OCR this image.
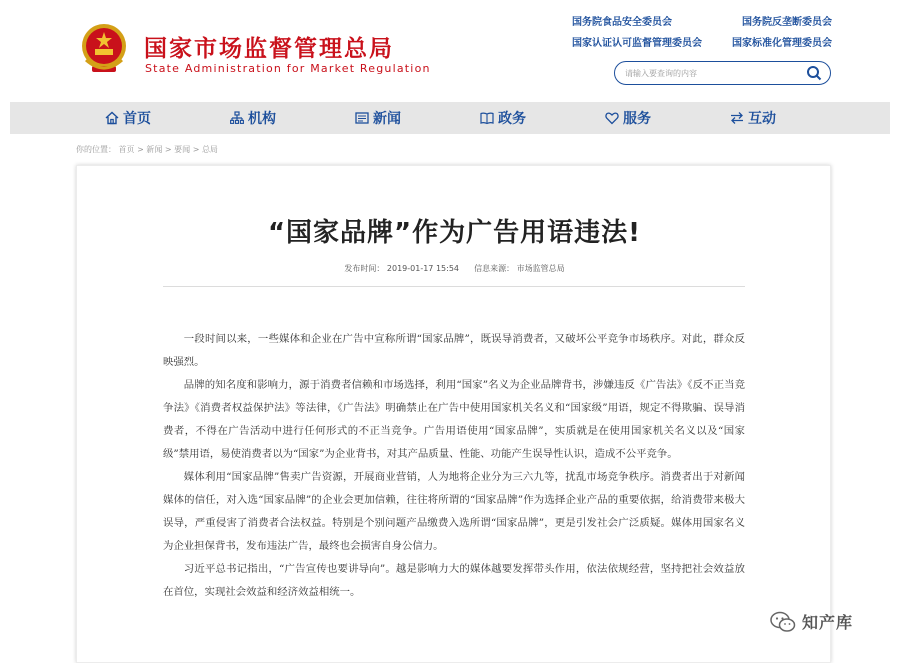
国家市场监督管理总局
State Administration for Market Regulation
国务院食品安全委员会	国务院反垄断委员会
国家认证认可监督管理委员会	国家标准化管理委员会
请输入要查询的内容
首页	机构	新闻	政务	服务	互动
你的位置： 首页 > 新闻 > 要闻 > 总局
“国家品牌”作为广告用语违法!
发布时间： 2019-01-17 15:54 信息来源： 市场监管总局

一段时间以来，一些媒体和企业在广告中宣称所谓“国家品牌”，既误导消费者，又破坏公平竞争市场秩序。对此，群众反映强烈。

品牌的知名度和影响力，源于消费者信赖和市场选择，利用“国家”名义为企业品牌背书，涉嫌违反《广告法》《反不正当竞争法》《消费者权益保护法》等法律，《广告法》明确禁止在广告中使用国家机关名义和“国家级”用语，规定不得欺骗、误导消费者，不得在广告活动中进行任何形式的不正当竞争。广告用语使用“国家品牌”，实质就是在使用国家机关名义以及“国家级”禁用语，易使消费者以为“国家”为企业背书，对其产品质量、性能、功能产生误导性认识，造成不公平竞争。

媒体利用“国家品牌”售卖广告资源，开展商业营销，人为地将企业分为三六九等，扰乱市场竞争秩序。消费者出于对新闻媒体的信任，对入选“国家品牌”的企业会更加信赖，往往将所谓的“国家品牌”作为选择企业产品的重要依据，给消费带来极大误导，严重侵害了消费者合法权益。特别是个别问题产品缴费入选所谓“国家品牌”，更是引发社会广泛质疑。媒体用国家名义为企业担保背书，发布违法广告，最终也会损害自身公信力。

习近平总书记指出，“广告宣传也要讲导向”。越是影响力大的媒体越要发挥带头作用，依法依规经营，坚持把社会效益放在首位，实现社会效益和经济效益相统一。

知产库
